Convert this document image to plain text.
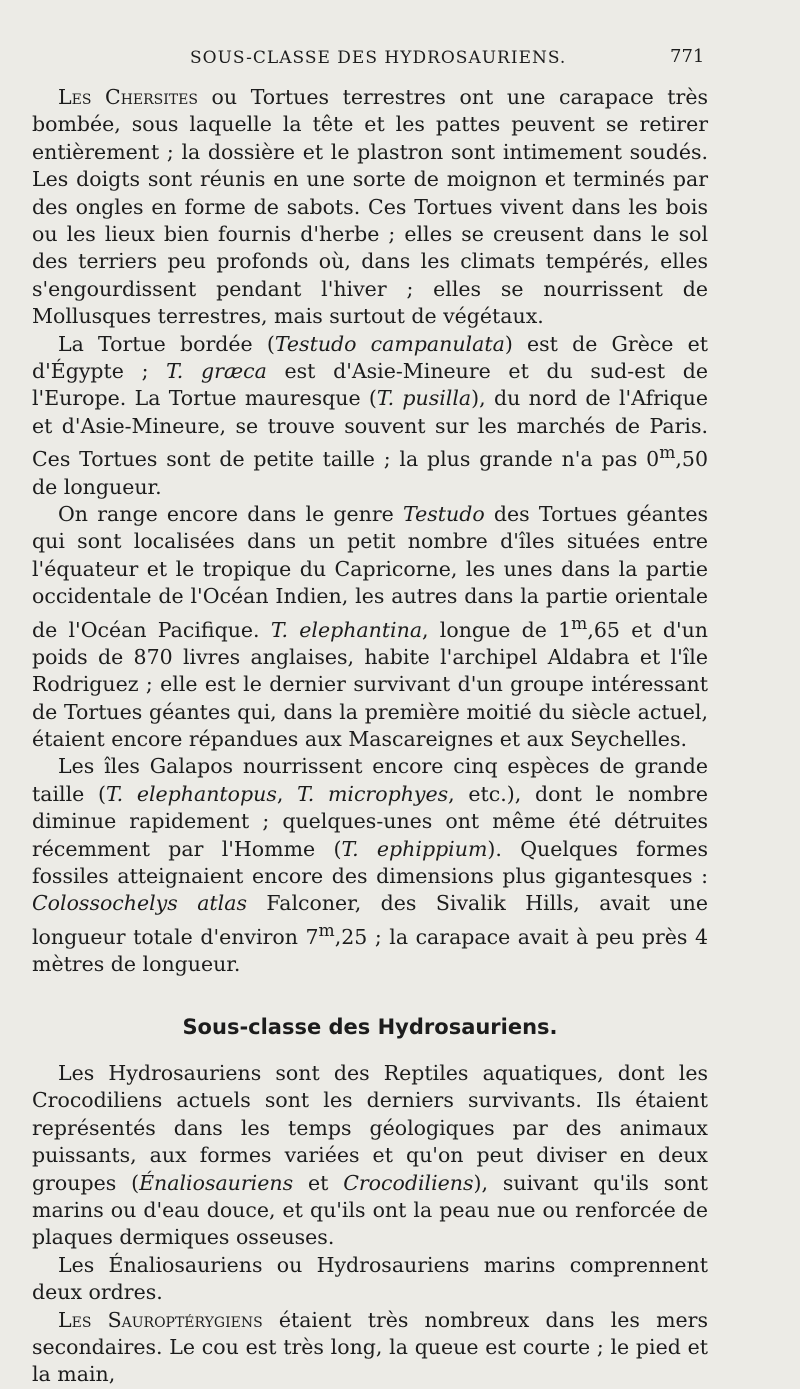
SOUS-CLASSE DES HYDROSAURIENS.	771

Les Chersites ou Tortues terrestres ont une carapace très bombée, sous laquelle la tête et les pattes peuvent se retirer entièrement ; la dossière et le plastron sont intimement soudés. Les doigts sont réunis en une sorte de moignon et terminés par des ongles en forme de sabots. Ces Tortues vivent dans les bois ou les lieux bien fournis d'herbe ; elles se creusent dans le sol des terriers peu profonds où, dans les climats tempérés, elles s'engourdissent pendant l'hiver ; elles se nourrissent de Mollusques terrestres, mais surtout de végétaux.

La Tortue bordée (Testudo campanulata) est de Grèce et d'Égypte ; T. græca est d'Asie-Mineure et du sud-est de l'Europe. La Tortue mauresque (T. pusilla), du nord de l'Afrique et d'Asie-Mineure, se trouve souvent sur les marchés de Paris. Ces Tortues sont de petite taille ; la plus grande n'a pas 0$^m$,50 de longueur.

On range encore dans le genre Testudo des Tortues géantes qui sont localisées dans un petit nombre d'îles situées entre l'équateur et le tropique du Capricorne, les unes dans la partie occidentale de l'Océan Indien, les autres dans la partie orientale de l'Océan Pacifique. T. elephantina, longue de 1$^m$,65 et d'un poids de 870 livres anglaises, habite l'archipel Aldabra et l'île Rodriguez ; elle est le dernier survivant d'un groupe intéressant de Tortues géantes qui, dans la première moitié du siècle actuel, étaient encore répandues aux Mascareignes et aux Seychelles.

Les îles Galapos nourrissent encore cinq espèces de grande taille (T. elephantopus, T. microphyes, etc.), dont le nombre diminue rapidement ; quelques-unes ont même été détruites récemment par l'Homme (T. ephippium). Quelques formes fossiles atteignaient encore des dimensions plus gigantesques : Colossochelys atlas Falconer, des Sivalik Hills, avait une longueur totale d'environ 7$^m$,25 ; la carapace avait à peu près 4 mètres de longueur.

Sous-classe des Hydrosauriens.

Les Hydrosauriens sont des Reptiles aquatiques, dont les Crocodiliens actuels sont les derniers survivants. Ils étaient représentés dans les temps géologiques par des animaux puissants, aux formes variées et qu'on peut diviser en deux groupes (Énaliosauriens et Crocodiliens), suivant qu'ils sont marins ou d'eau douce, et qu'ils ont la peau nue ou renforcée de plaques dermiques osseuses.

Les Énaliosauriens ou Hydrosauriens marins comprennent deux ordres.

Les Sauroptérygiens étaient très nombreux dans les mers secondaires. Le cou est très long, la queue est courte ; le pied et la main,
